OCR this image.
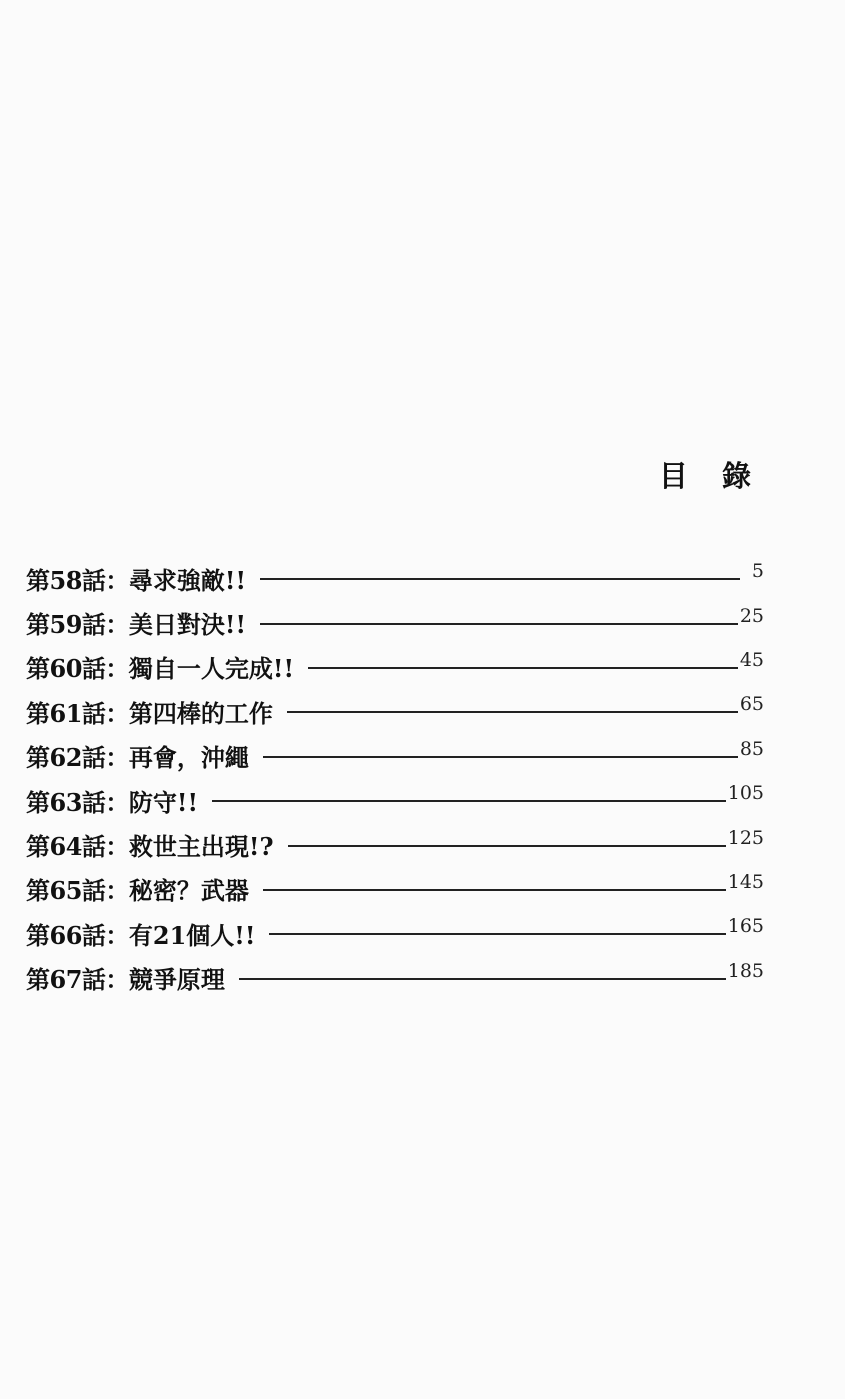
目 錄
第58話： 尋求強敵!!	5
第59話： 美日對決!!	25
第60話： 獨自一人完成!!	45
第61話： 第四棒的工作	65
第62話： 再會，沖繩	85
第63話： 防守!!	105
第64話： 救世主出現!?	125
第65話： 秘密？武器	145
第66話： 有21個人!!	165
第67話： 競爭原理	185
